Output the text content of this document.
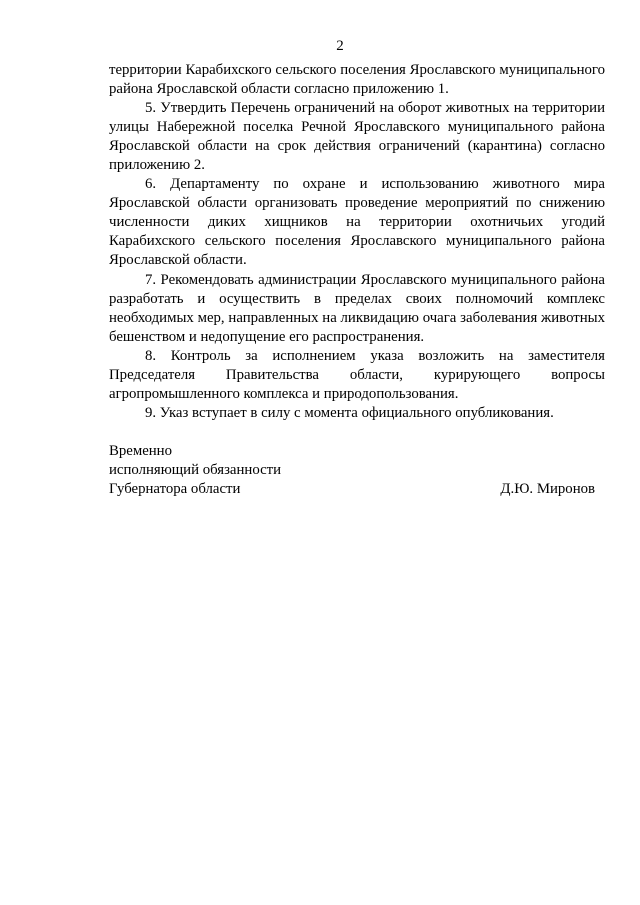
2

территории Карабихского сельского поселения Ярославского муниципального района Ярославской области согласно приложению 1.

5. Утвердить Перечень ограничений на оборот животных на территории улицы Набережной поселка Речной Ярославского муниципального района Ярославской области на срок действия ограничений (карантина) согласно приложению 2.

6. Департаменту по охране и использованию животного мира Ярославской области организовать проведение мероприятий по снижению численности диких хищников на территории охотничьих угодий Карабихского сельского поселения Ярославского муниципального района Ярославской области.

7. Рекомендовать администрации Ярославского муниципального района разработать и осуществить в пределах своих полномочий комплекс необходимых мер, направленных на ликвидацию очага заболевания животных бешенством и недопущение его распространения.

8. Контроль за исполнением указа возложить на заместителя Председателя Правительства области, курирующего вопросы агропромышленного комплекса и природопользования.

9. Указ вступает в силу с момента официального опубликования.

Временно
исполняющий обязанности
Губернатора области	Д.Ю. Миронов
